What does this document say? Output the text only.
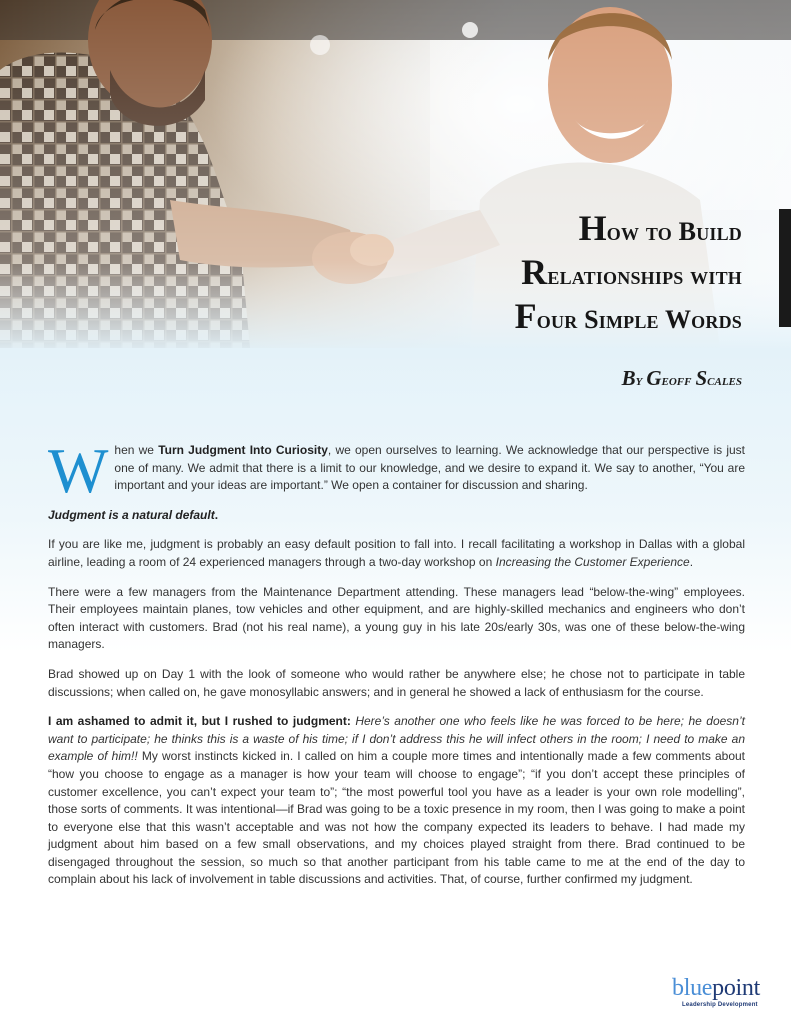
How to Build
Relationships with
Four Simple Words
By Geoff Scales

When we Turn Judgment Into Curiosity, we open ourselves to learning. We acknowledge that our perspective is just one of many. We admit that there is a limit to our knowledge, and we desire to expand it. We say to another, “You are important and your ideas are important.” We open a container for discussion and sharing.

Judgment is a natural default.

If you are like me, judgment is probably an easy default position to fall into. I recall facilitating a workshop in Dallas with a global airline, leading a room of 24 experienced managers through a two-day workshop on Increasing the Customer Experience.

There were a few managers from the Maintenance Department attending. These managers lead “below-the-wing” employees. Their employees maintain planes, tow vehicles and other equipment, and are highly-skilled mechanics and engineers who don’t often interact with customers. Brad (not his real name), a young guy in his late 20s/early 30s, was one of these below-the-wing managers.

Brad showed up on Day 1 with the look of someone who would rather be anywhere else; he chose not to participate in table discussions; when called on, he gave monosyllabic answers; and in general he showed a lack of enthusiasm for the course.

I am ashamed to admit it, but I rushed to judgment: Here’s another one who feels like he was forced to be here; he doesn’t want to participate; he thinks this is a waste of his time; if I don’t address this he will infect others in the room; I need to make an example of him!! My worst instincts kicked in. I called on him a couple more times and intentionally made a few comments about “how you choose to engage as a manager is how your team will choose to engage”; “if you don’t accept these principles of customer excellence, you can’t expect your team to”; “the most powerful tool you have as a leader is your own role modelling”, those sorts of comments. It was intentional—if Brad was going to be a toxic presence in my room, then I was going to make a point to everyone else that this wasn’t acceptable and was not how the company expected its leaders to behave. I had made my judgment about him based on a few small observations, and my choices played straight from there. Brad continued to be disengaged throughout the session, so much so that another participant from his table came to me at the end of the day to complain about his lack of involvement in table discussions and activities. That, of course, further confirmed my judgment.

bluepoint
Leadership Development
